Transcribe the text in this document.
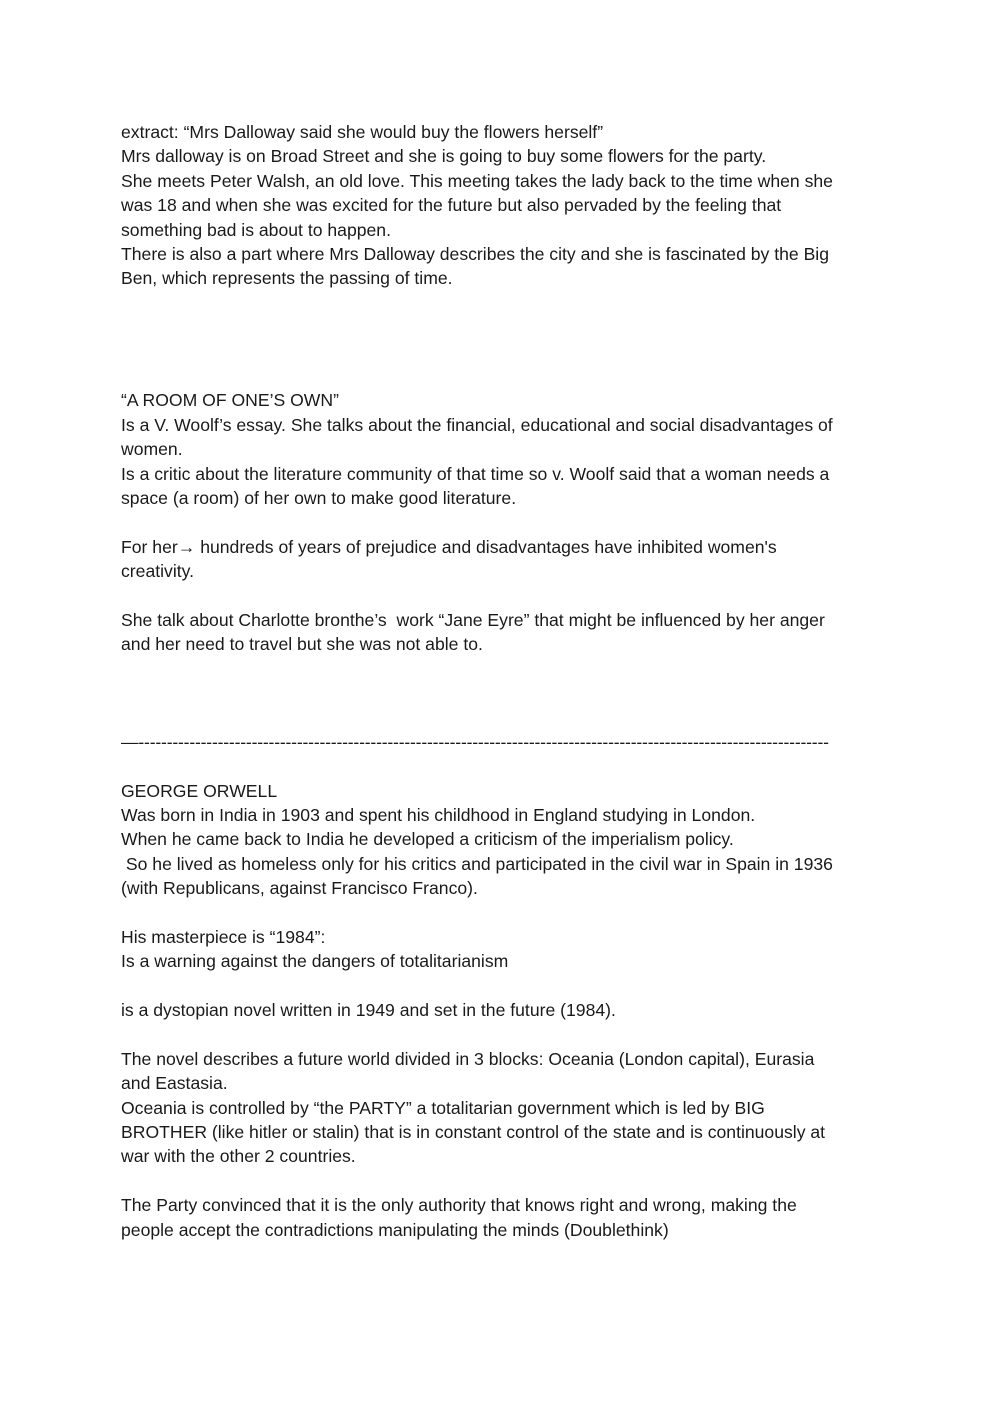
extract: “Mrs Dalloway said she would buy the flowers herself”

Mrs dalloway is on Broad Street and she is going to buy some flowers for the party.

She meets Peter Walsh, an old love. This meeting takes the lady back to the time when she

was 18 and when she was excited for the future but also pervaded by the feeling that

something bad is about to happen.

There is also a part where Mrs Dalloway describes the city and she is fascinated by the Big

Ben, which represents the passing of time.

“A ROOM OF ONE’S OWN”

Is a V. Woolf’s essay. She talks about the financial, educational and social disadvantages of

women.

Is a critic about the literature community of that time so v. Woolf said that a woman needs a

space (a room) of her own to make good literature.

For her→ hundreds of years of prejudice and disadvantages have inhibited women's

creativity.

She talk about Charlotte bronthe’s  work “Jane Eyre” that might be influenced by her anger

and her need to travel but she was not able to.

—--------------------------------------------------------------------------------------------------------------------------

GEORGE ORWELL

Was born in India in 1903 and spent his childhood in England studying in London.

When he came back to India he developed a criticism of the imperialism policy.

So he lived as homeless only for his critics and participated in the civil war in Spain in 1936

(with Republicans, against Francisco Franco).

His masterpiece is “1984”:

Is a warning against the dangers of totalitarianism

is a dystopian novel written in 1949 and set in the future (1984).

The novel describes a future world divided in 3 blocks: Oceania (London capital), Eurasia

and Eastasia.

Oceania is controlled by “the PARTY” a totalitarian government which is led by BIG

BROTHER (like hitler or stalin) that is in constant control of the state and is continuously at

war with the other 2 countries.

The Party convinced that it is the only authority that knows right and wrong, making the

people accept the contradictions manipulating the minds (Doublethink)
